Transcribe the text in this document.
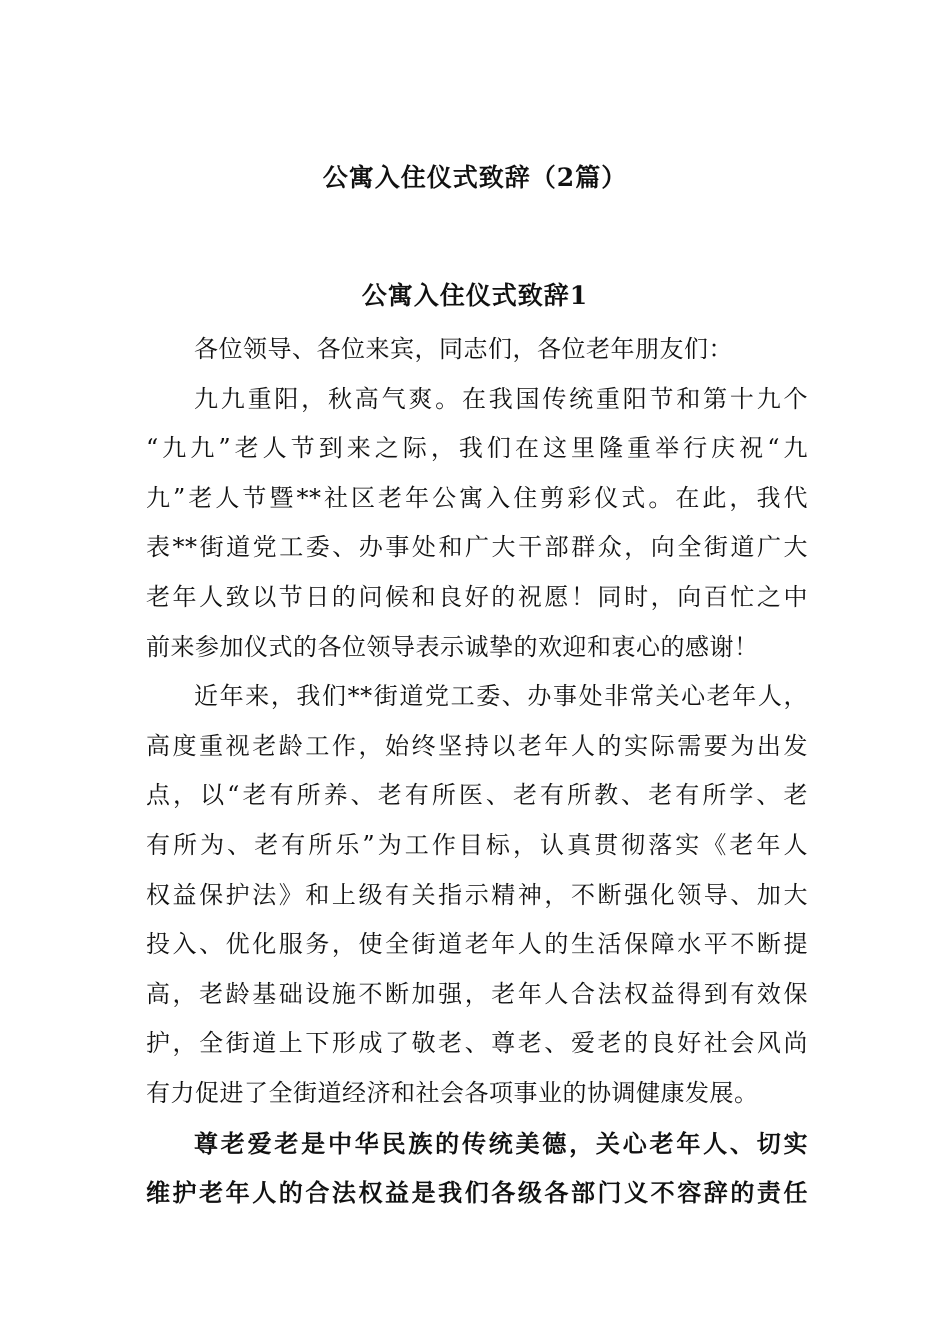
公寓入住仪式致辞（2篇）
公寓入住仪式致辞1
各位领导、各位来宾，同志们，各位老年朋友们：
九九重阳，秋高气爽。在我国传统重阳节和第十九个
“九九”老人节到来之际，我们在这里隆重举行庆祝“九
九”老人节暨**社区老年公寓入住剪彩仪式。在此，我代
表**街道党工委、办事处和广大干部群众，向全街道广大
老年人致以节日的问候和良好的祝愿！同时，向百忙之中
前来参加仪式的各位领导表示诚挚的欢迎和衷心的感谢！
近年来，我们**街道党工委、办事处非常关心老年人，
高度重视老龄工作，始终坚持以老年人的实际需要为出发
点，以“老有所养、老有所医、老有所教、老有所学、老
有所为、老有所乐”为工作目标，认真贯彻落实《老年人
权益保护法》和上级有关指示精神，不断强化领导、加大
投入、优化服务，使全街道老年人的生活保障水平不断提
高，老龄基础设施不断加强，老年人合法权益得到有效保
护，全街道上下形成了敬老、尊老、爱老的良好社会风尚
有力促进了全街道经济和社会各项事业的协调健康发展。
尊老爱老是中华民族的传统美德，关心老年人、切实
维护老年人的合法权益是我们各级各部门义不容辞的责任
